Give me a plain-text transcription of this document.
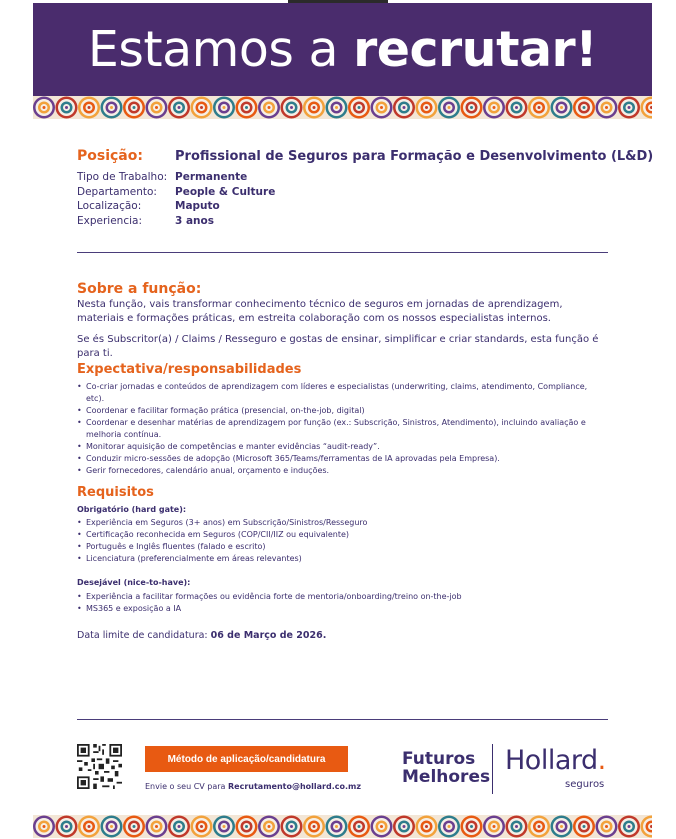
Estamos a recrutar!
Posição: Profissional de Seguros para Formação e Desenvolvimento (L&D)
Tipo de Trabalho: Permanente
Departamento:	People & Culture
Localização:	Maputo
Experiencia:	3 anos
Sobre a função:
Nesta função, vais transformar conhecimento técnico de seguros em jornadas de aprendizagem, materiais e formações práticas, em estreita colaboração com os nossos especialistas internos.
Se és Subscritor(a) / Claims / Resseguro e gostas de ensinar, simplificar e criar standards, esta função é para ti.
Expectativa/responsabilidades
• Co-criar jornadas e conteúdos de aprendizagem com líderes e especialistas (underwriting, claims, atendimento, Compliance, etc).
• Coordenar e facilitar formação prática (presencial, on-the-job, digital)
• Coordenar e desenhar matérias de aprendizagem por função (ex.: Subscrição, Sinistros, Atendimento), incluindo avaliação e melhoria contínua.
• Monitorar aquisição de competências e manter evidências “audit-ready”.
• Conduzir micro-sessões de adopção (Microsoft 365/Teams/ferramentas de IA aprovadas pela Empresa).
• Gerir fornecedores, calendário anual, orçamento e induções.
Requisitos
Obrigatório (hard gate):
• Experiência em Seguros (3+ anos) em Subscrição/Sinistros/Resseguro
• Certificação reconhecida em Seguros (COP/CII/IIZ ou equivalente)
• Português e Inglês fluentes (falado e escrito)
• Licenciatura (preferencialmente em áreas relevantes)
Desejável (nice-to-have):
• Experiência a facilitar formações ou evidência forte de mentoria/onboarding/treino on-the-job
• MS365 e exposição a IA
Data limite de candidatura: 06 de Março de 2026.
Método de aplicação/candidatura
Envie o seu CV para Recrutamento@hollard.co.mz
Futuros
Melhores
Hollard.
seguros
